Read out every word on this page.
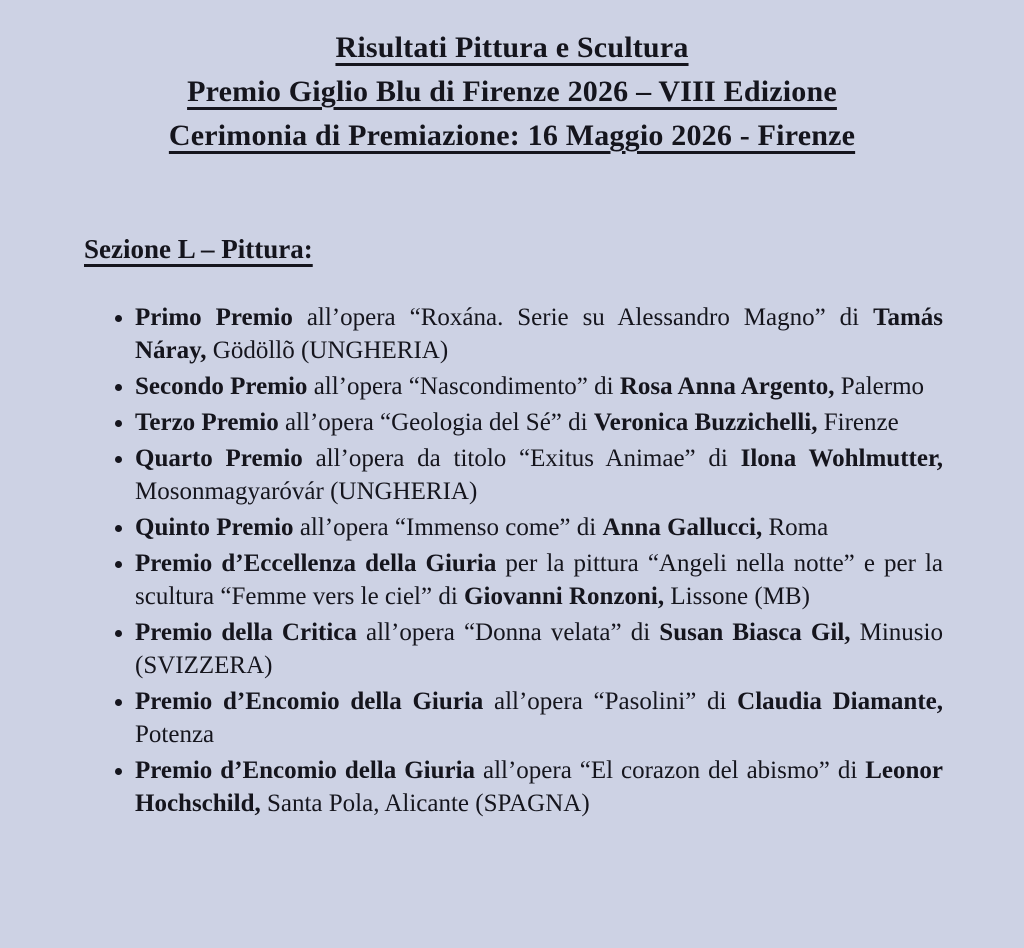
Risultati Pittura e Scultura
Premio Giglio Blu di Firenze 2026 – VIII Edizione
Cerimonia di Premiazione: 16 Maggio 2026 - Firenze
Sezione L – Pittura:
• Primo Premio all’opera “Roxána. Serie su Alessandro Magno” di Tamás Náray, Gödöllõ (UNGHERIA)
• Secondo Premio all’opera “Nascondimento” di Rosa Anna Argento, Palermo
• Terzo Premio all’opera “Geologia del Sé” di Veronica Buzzichelli, Firenze
• Quarto Premio all’opera da titolo “Exitus Animae” di Ilona Wohlmutter, Mosonmagyaróvár (UNGHERIA)
• Quinto Premio all’opera “Immenso come” di Anna Gallucci, Roma
• Premio d’Eccellenza della Giuria per la pittura “Angeli nella notte” e per la scultura “Femme vers le ciel” di Giovanni Ronzoni, Lissone (MB)
• Premio della Critica all’opera “Donna velata” di Susan Biasca Gil, Minusio (SVIZZERA)
• Premio d’Encomio della Giuria all’opera “Pasolini” di Claudia Diamante, Potenza
• Premio d’Encomio della Giuria all’opera “El corazon del abismo” di Leonor Hochschild, Santa Pola, Alicante (SPAGNA)
